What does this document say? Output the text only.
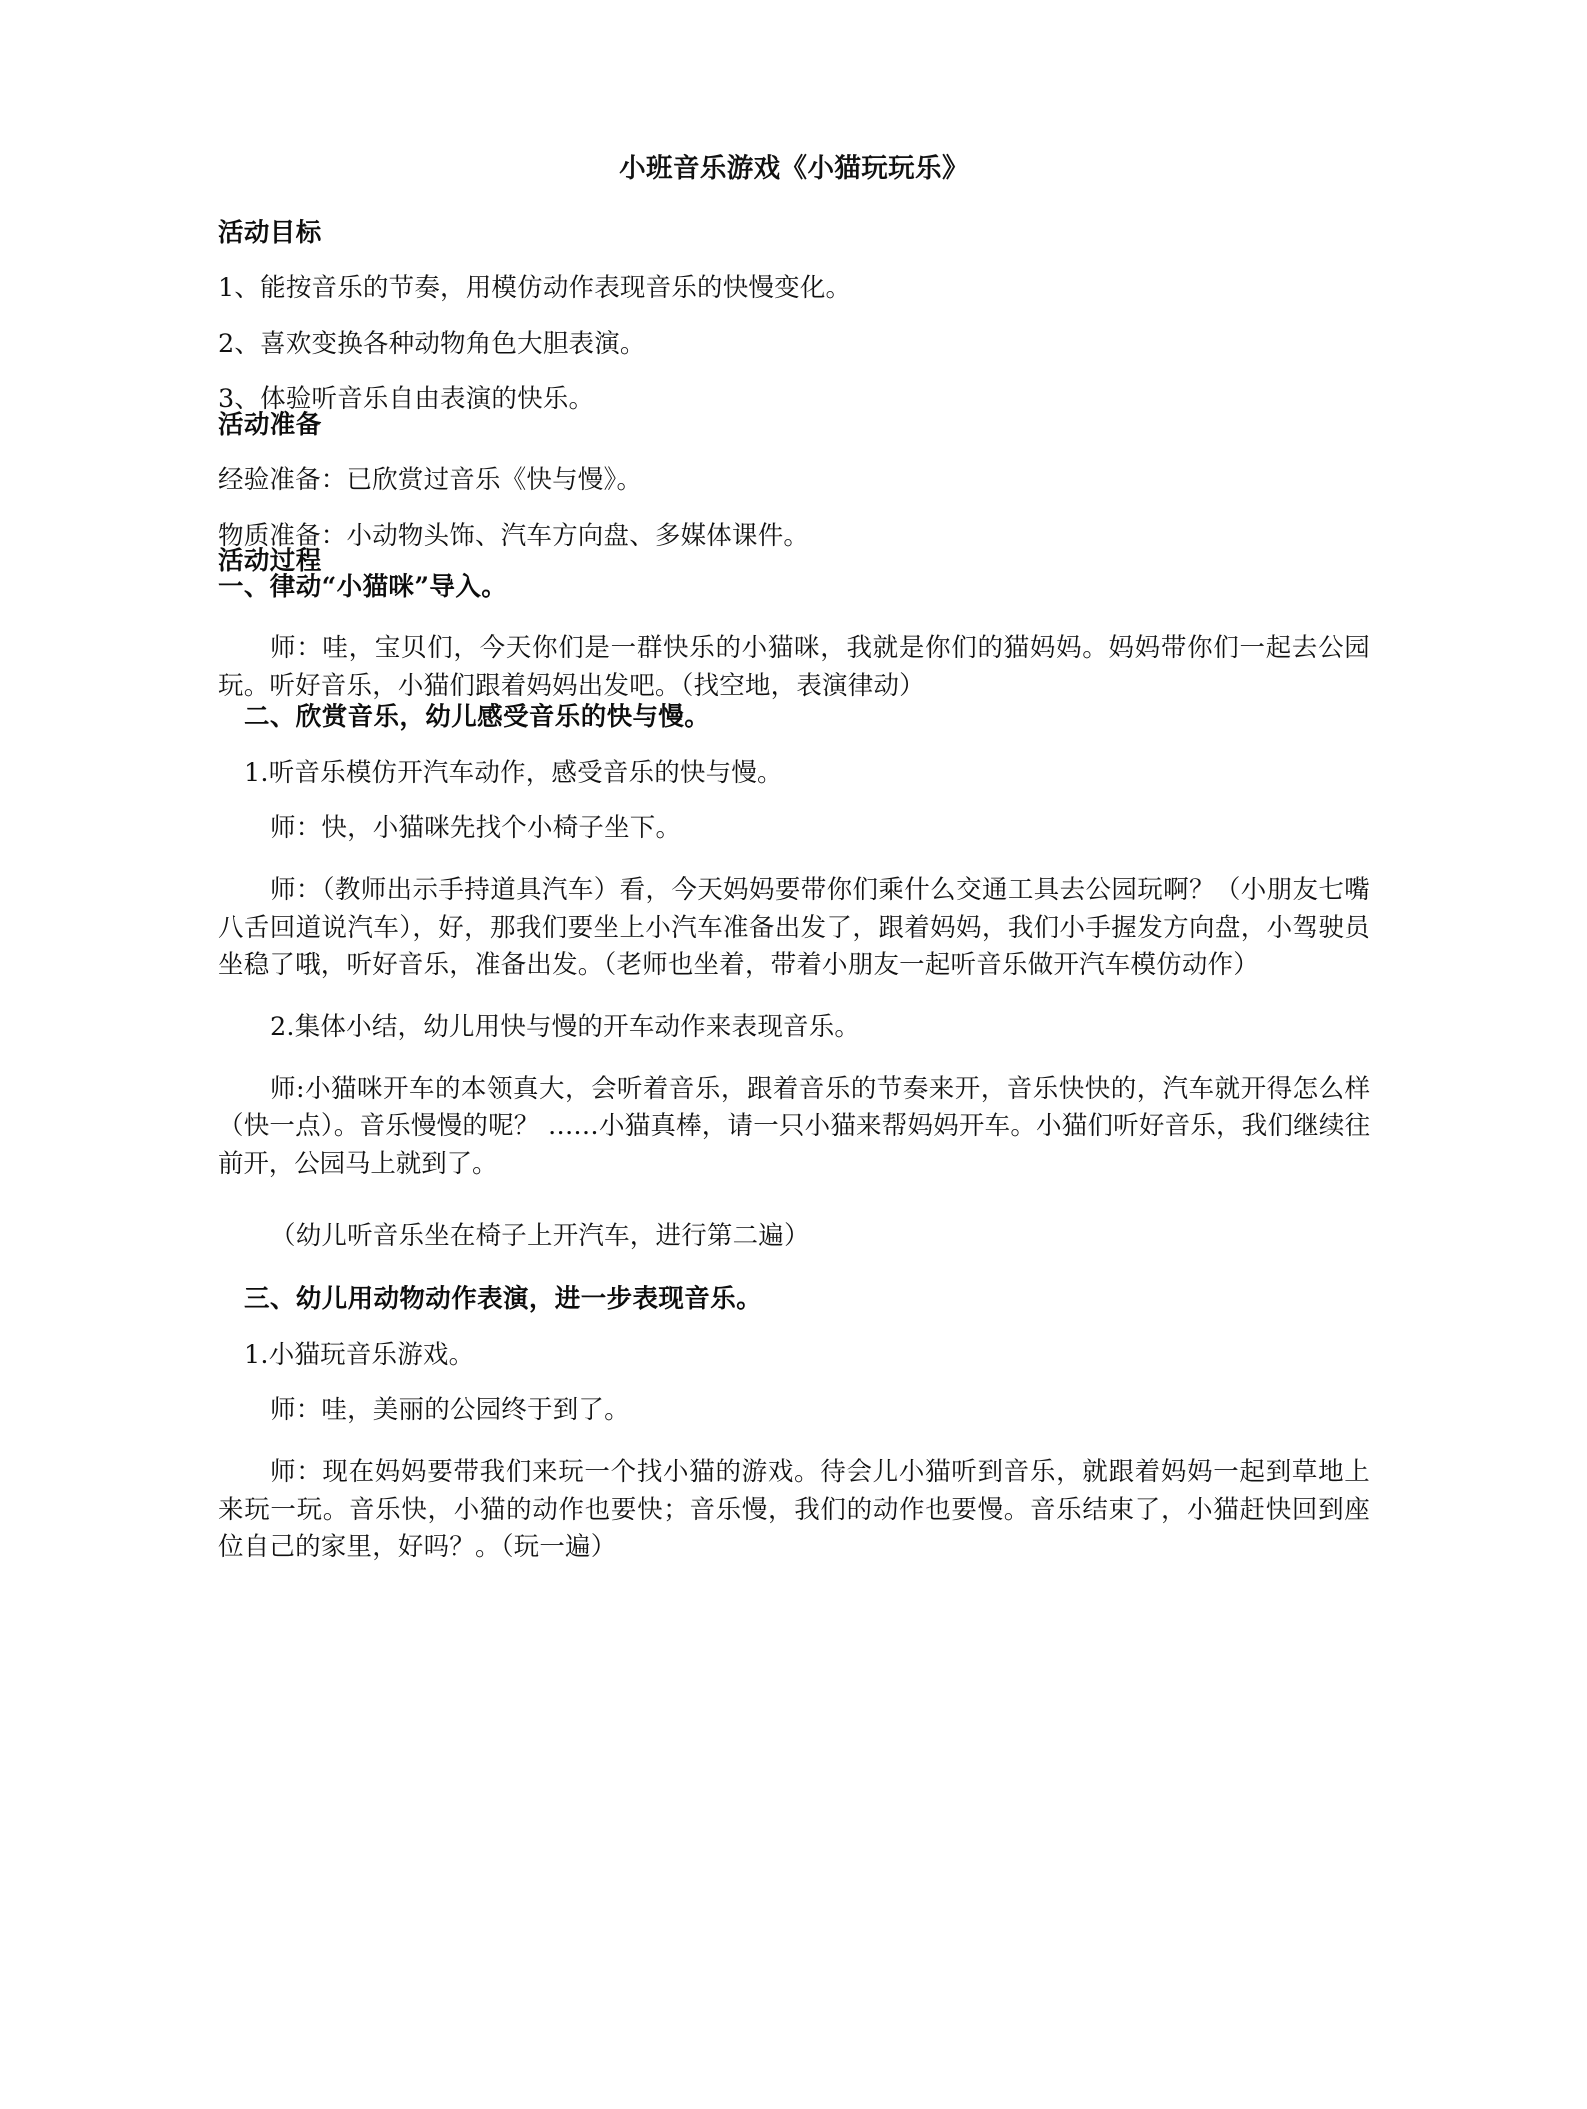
小班音乐游戏《小猫玩玩乐》

活动目标

1、能按音乐的节奏，用模仿动作表现音乐的快慢变化。

2、喜欢变换各种动物角色大胆表演。

3、体验听音乐自由表演的快乐。

活动准备

经验准备：已欣赏过音乐《快与慢》。

物质准备：小动物头饰、汽车方向盘、多媒体课件。

活动过程

一、律动“小猫咪”导入。

师：哇，宝贝们，今天你们是一群快乐的小猫咪，我就是你们的猫妈妈。妈妈带你们一起去公园玩。听好音乐，小猫们跟着妈妈出发吧。（找空地，表演律动）

二、欣赏音乐，幼儿感受音乐的快与慢。

1.听音乐模仿开汽车动作，感受音乐的快与慢。

师：快，小猫咪先找个小椅子坐下。

师：（教师出示手持道具汽车）看，今天妈妈要带你们乘什么交通工具去公园玩啊？（小朋友七嘴八舌回道说汽车），好，那我们要坐上小汽车准备出发了，跟着妈妈，我们小手握发方向盘，小驾驶员坐稳了哦，听好音乐，准备出发。（老师也坐着，带着小朋友一起听音乐做开汽车模仿动作）

2.集体小结，幼儿用快与慢的开车动作来表现音乐。

师:小猫咪开车的本领真大，会听着音乐，跟着音乐的节奏来开，音乐快快的，汽车就开得怎么样（快一点）。音乐慢慢的呢？ ……小猫真棒，请一只小猫来帮妈妈开车。小猫们听好音乐，我们继续往前开，公园马上就到了。

（幼儿听音乐坐在椅子上开汽车，进行第二遍）

三、幼儿用动物动作表演，进一步表现音乐。

1.小猫玩音乐游戏。

师：哇，美丽的公园终于到了。

师：现在妈妈要带我们来玩一个找小猫的游戏。待会儿小猫听到音乐，就跟着妈妈一起到草地上来玩一玩。音乐快，小猫的动作也要快；音乐慢，我们的动作也要慢。音乐结束了，小猫赶快回到座位自己的家里，好吗？。（玩一遍）
